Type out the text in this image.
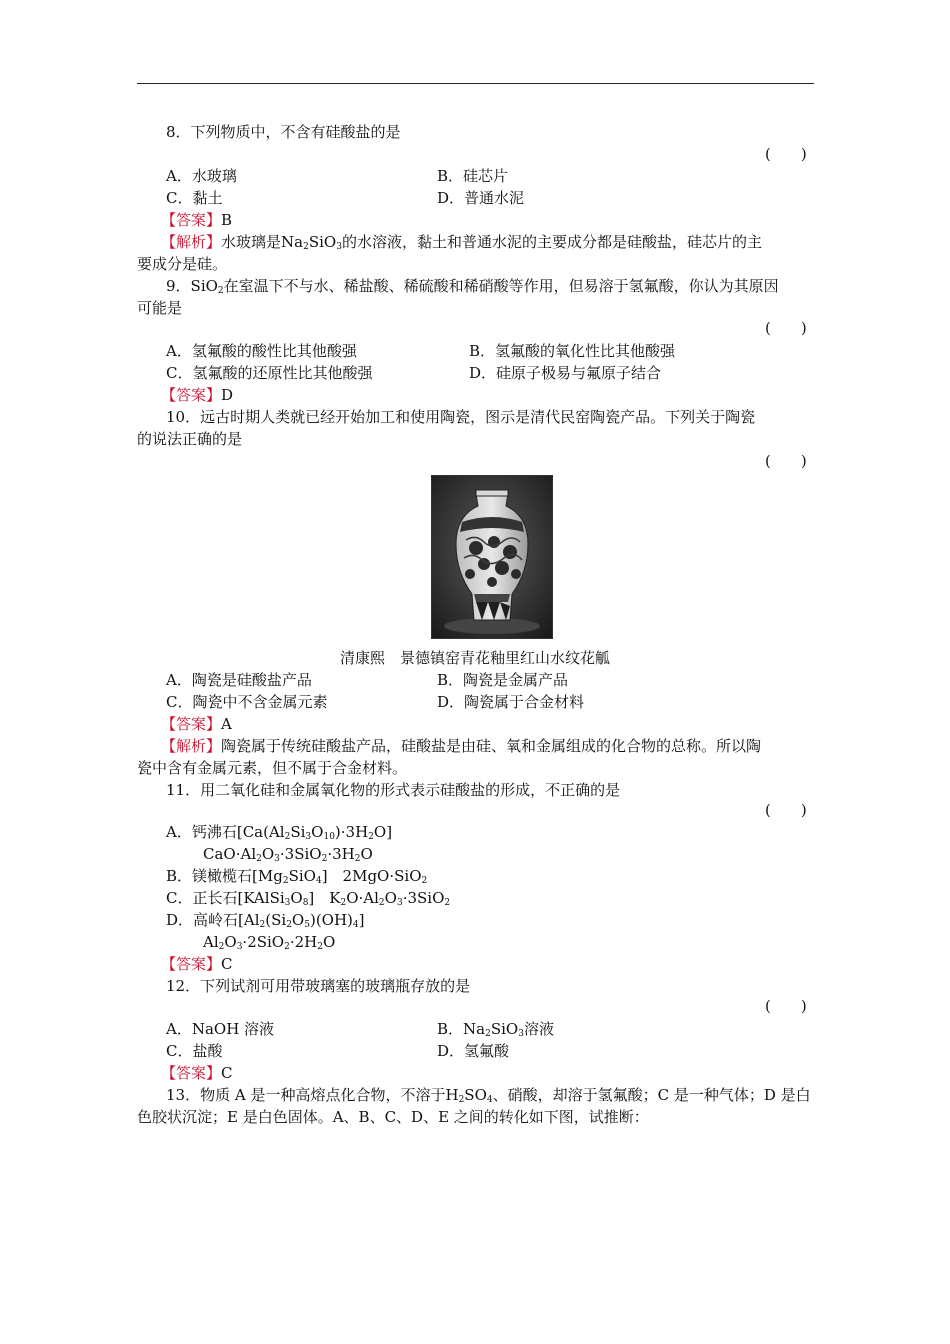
8．下列物质中，不含有硅酸盐的是
(　　)
A．水玻璃	B．硅芯片
C．黏土	D．普通水泥
【答案】B
【解析】水玻璃是$Na_2SiO_3$的水溶液，黏土和普通水泥的主要成分都是硅酸盐，硅芯片的主
要成分是硅。
9．SiO$_2$在室温下不与水、稀盐酸、稀硫酸和稀硝酸等作用，但易溶于氢氟酸，你认为其原因
可能是
(　　)
A．氢氟酸的酸性比其他酸强	B．氢氟酸的氧化性比其他酸强
C．氢氟酸的还原性比其他酸强	D．硅原子极易与氟原子结合
【答案】D
10．远古时期人类就已经开始加工和使用陶瓷，图示是清代民窑陶瓷产品。下列关于陶瓷
的说法正确的是
(　　)
清康熙　景德镇窑青花釉里红山水纹花觚
A．陶瓷是硅酸盐产品	B．陶瓷是金属产品
C．陶瓷中不含金属元素	D．陶瓷属于合金材料
【答案】A
【解析】陶瓷属于传统硅酸盐产品，硅酸盐是由硅、氧和金属组成的化合物的总称。所以陶
瓷中含有金属元素，但不属于合金材料。
11．用二氧化硅和金属氧化物的形式表示硅酸盐的形成，不正确的是
(　　)
A．钙沸石$[Ca(Al_2Si_3O_{10})\cdot 3H_2O]$
$CaO\cdot Al_2O_3\cdot 3SiO_2\cdot 3H_2O$
B．镁橄榄石$[Mg_2SiO_4]$　2MgO·SiO$_2$
C．正长石$[KAlSi_3O_8]$　$K_2O\cdot Al_2O_3\cdot 3SiO_2$
D．高岭石$[Al_2(Si_2O_5)(OH)_4]$
$Al_2O_3\cdot 2SiO_2\cdot 2H_2O$
【答案】C
12．下列试剂可用带玻璃塞的玻璃瓶存放的是
(　　)
A．NaOH 溶液	B．$Na_2SiO_3$溶液
C．盐酸	D．氢氟酸
【答案】C
13．物质 A 是一种高熔点化合物，不溶于$H_2SO_4$、硝酸，却溶于氢氟酸；C 是一种气体；D 是白
色胶状沉淀；E 是白色固体。A、B、C、D、E 之间的转化如下图，试推断：
